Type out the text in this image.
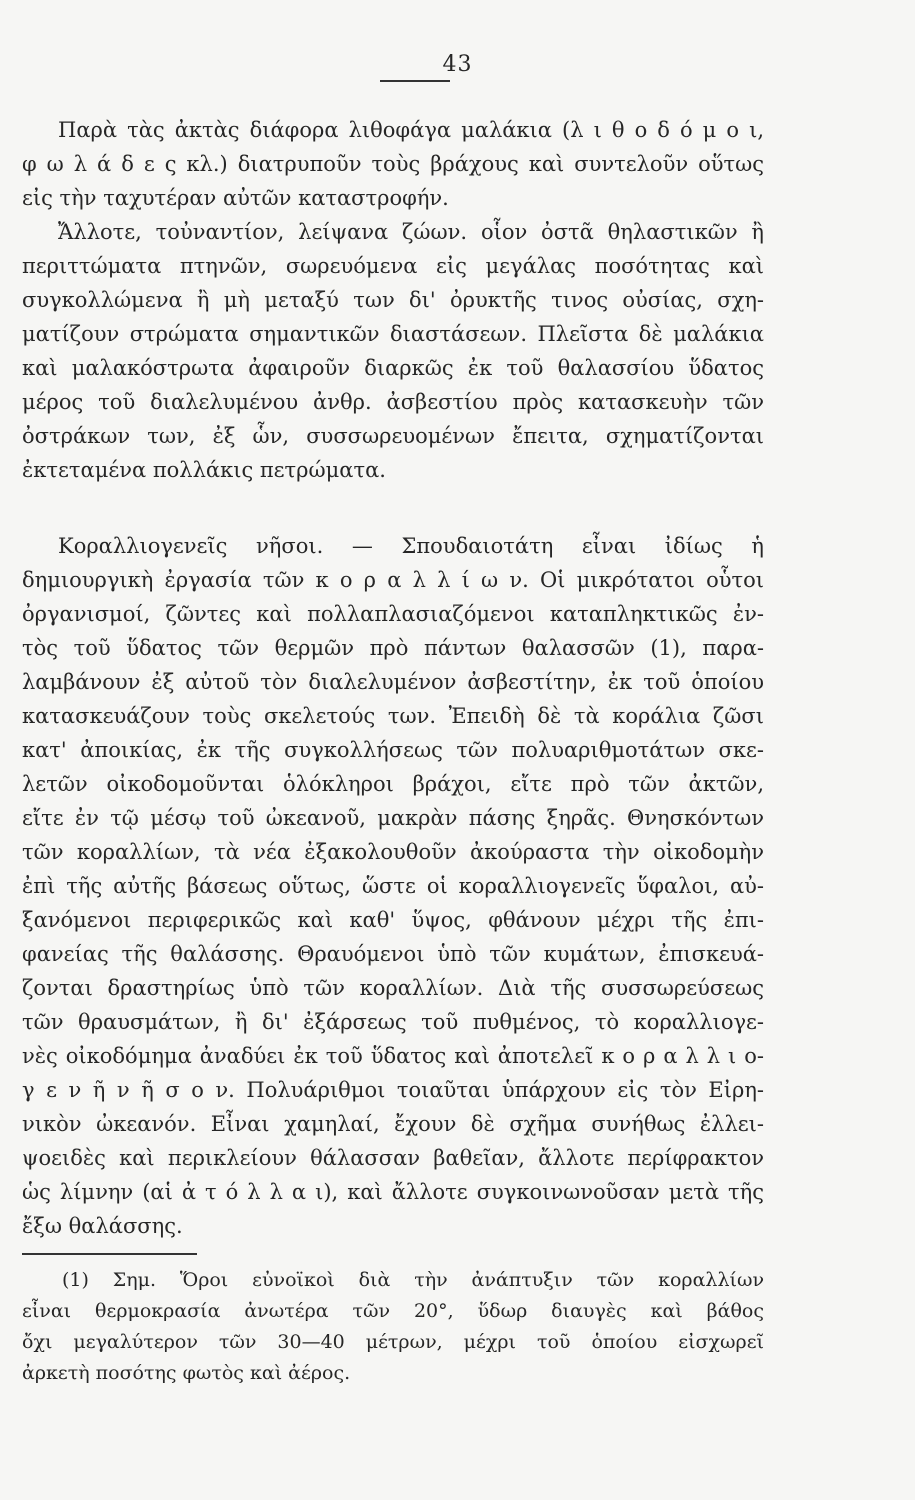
43
Παρὰ τὰς ἀκτὰς διάφορα λιθοφάγα μαλάκια (λ ι θ ο δ ό μ ο ι,
φ ω λ ά δ ε ς κλ.) διατρυποῦν τοὺς βράχους καὶ συντελοῦν οὕτως
εἰς τὴν ταχυτέραν αὐτῶν καταστροφήν.
Ἄλλοτε, τοὐναντίον, λείψανα ζώων. οἷον ὀστᾶ θηλαστικῶν ἢ
περιττώματα πτηνῶν, σωρευόμενα εἰς μεγάλας ποσότητας καὶ
συγκολλώμενα ἢ μὴ μεταξύ των δι' ὀρυκτῆς τινος οὐσίας, σχη-
ματίζουν στρώματα σημαντικῶν διαστάσεων. Πλεῖστα δὲ μαλάκια
καὶ μαλακόστρωτα ἀφαιροῦν διαρκῶς ἐκ τοῦ θαλασσίου ὕδατος
μέρος τοῦ διαλελυμένου ἀνθρ. ἀσβεστίου πρὸς κατασκευὴν τῶν
ὀστράκων των, ἐξ ὧν, συσσωρευομένων ἔπειτα, σχηματίζονται
ἐκτεταμένα πολλάκις πετρώματα.
Κοραλλιογενεῖς νῆσοι. — Σπουδαιοτάτη εἶναι ἰδίως ἡ
δημιουργικὴ ἐργασία τῶν κ ο ρ α λ λ ί ω ν. Οἱ μικρότατοι οὗτοι
ὀργανισμοί, ζῶντες καὶ πολλαπλασιαζόμενοι καταπληκτικῶς ἐν-
τὸς τοῦ ὕδατος τῶν θερμῶν πρὸ πάντων θαλασσῶν (1), παρα-
λαμβάνουν ἐξ αὐτοῦ τὸν διαλελυμένον ἀσβεστίτην, ἐκ τοῦ ὁποίου
κατασκευάζουν τοὺς σκελετούς των. Ἐπειδὴ δὲ τὰ κοράλια ζῶσι
κατ' ἀποικίας, ἐκ τῆς συγκολλήσεως τῶν πολυαριθμοτάτων σκε-
λετῶν οἰκοδομοῦνται ὁλόκληροι βράχοι, εἴτε πρὸ τῶν ἀκτῶν,
εἴτε ἐν τῷ μέσῳ τοῦ ὠκεανοῦ, μακρὰν πάσης ξηρᾶς. Θνησκόντων
τῶν κοραλλίων, τὰ νέα ἐξακολουθοῦν ἀκούραστα τὴν οἰκοδομὴν
ἐπὶ τῆς αὐτῆς βάσεως οὕτως, ὥστε οἱ κοραλλιογενεῖς ὕφαλοι, αὐ-
ξανόμενοι περιφερικῶς καὶ καθ' ὕψος, φθάνουν μέχρι τῆς ἐπι-
φανείας τῆς θαλάσσης. Θραυόμενοι ὑπὸ τῶν κυμάτων, ἐπισκευά-
ζονται δραστηρίως ὑπὸ τῶν κοραλλίων. Διὰ τῆς συσσωρεύσεως
τῶν θραυσμάτων, ἢ δι' ἐξάρσεως τοῦ πυθμένος, τὸ κοραλλιογε-
νὲς οἰκοδόμημα ἀναδύει ἐκ τοῦ ὕδατος καὶ ἀποτελεῖ κ ο ρ α λ λ ι ο-
γ ε ν ῆ ν ῆ σ ο ν. Πολυάριθμοι τοιαῦται ὑπάρχουν εἰς τὸν Εἰρη-
νικὸν ὠκεανόν. Εἶναι χαμηλαί, ἔχουν δὲ σχῆμα συνήθως ἐλλει-
ψοειδὲς καὶ περικλείουν θάλασσαν βαθεῖαν, ἄλλοτε περίφρακτον
ὡς λίμνην (αἱ ἀ τ ό λ λ α ι), καὶ ἄλλοτε συγκοινωνοῦσαν μετὰ τῆς
ἔξω θαλάσσης.
(1) Σημ. Ὅροι εὐνοϊκοὶ διὰ τὴν ἀνάπτυξιν τῶν κοραλλίων
εἶναι θερμοκρασία ἀνωτέρα τῶν 20°, ὕδωρ διαυγὲς καὶ βάθος
ὄχι μεγαλύτερον τῶν 30—40 μέτρων, μέχρι τοῦ ὁποίου εἰσχωρεῖ
ἀρκετὴ ποσότης φωτὸς καὶ ἀέρος.
